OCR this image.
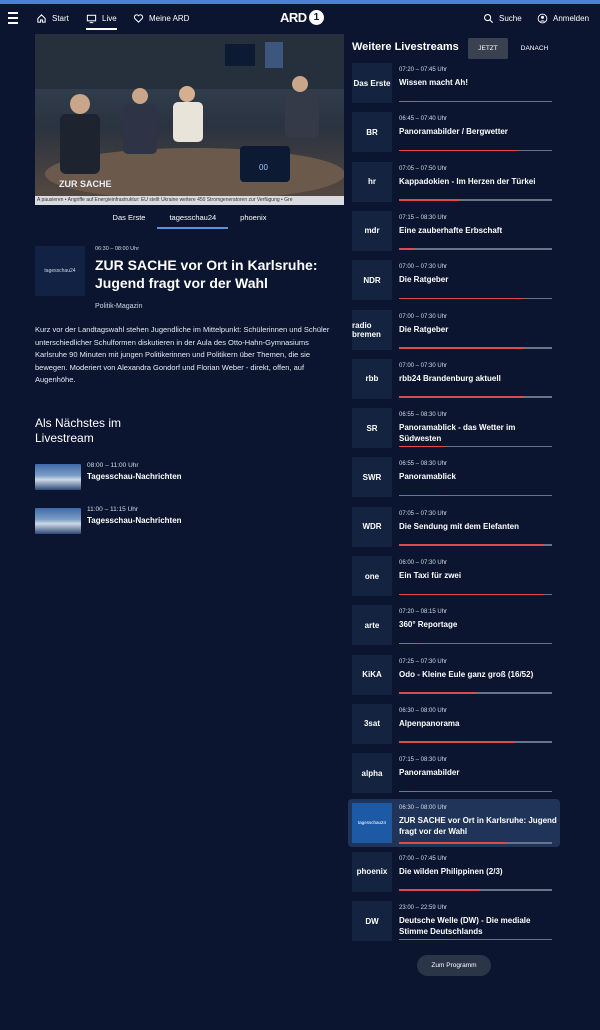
Start	Live	Meine ARD	ARD 1	Suche	Anmelden
00
ZUR SACHE
A pausieren • Angriffe auf Energieinfrastruktur: EU stellt Ukraine weitere 450 Stromgeneratoren zur Verfügung • Gre
Das Erste	tagesschau24	phoenix
tagesschau24
06:30 – 08:00 Uhr
ZUR SACHE vor Ort in Karlsruhe: Jugend fragt vor der Wahl
Politik-Magazin
Kurz vor der Landtagswahl stehen Jugendliche im Mittelpunkt: Schülerinnen und Schüler unterschiedlicher Schulformen diskutieren in der Aula des Otto-Hahn-Gymnasiums Karlsruhe 90 Minuten mit jungen Politikerinnen und Politikern über Themen, die sie bewegen. Moderiert von Alexandra Gondorf und Florian Weber - direkt, offen, auf Augenhöhe.
Als Nächstes im Livestream
08:00 – 11:00 Uhr
Tagesschau-Nachrichten
11:00 – 11:15 Uhr
Tagesschau-Nachrichten
Weitere Livestreams	JETZT	DANACH
Das Erste
07:20 – 07:45 Uhr
Wissen macht Ah!
BR
06:45 – 07:40 Uhr
Panoramabilder / Bergwetter
hr
07:05 – 07:50 Uhr
Kappadokien - Im Herzen der Türkei
mdr
07:15 – 08:30 Uhr
Eine zauberhafte Erbschaft
NDR
07:00 – 07:30 Uhr
Die Ratgeber
radio bremen
07:00 – 07:30 Uhr
Die Ratgeber
rbb
07:00 – 07:30 Uhr
rbb24 Brandenburg aktuell
SR
06:55 – 08:30 Uhr
Panoramablick - das Wetter im Südwesten
SWR
06:55 – 08:30 Uhr
Panoramablick
WDR
07:05 – 07:30 Uhr
Die Sendung mit dem Elefanten
one
06:00 – 07:30 Uhr
Ein Taxi für zwei
arte
07:20 – 08:15 Uhr
360° Reportage
KiKA
07:25 – 07:30 Uhr
Odo - Kleine Eule ganz groß (16/52)
3sat
06:30 – 08:00 Uhr
Alpenpanorama
alpha
07:15 – 08:30 Uhr
Panoramabilder
tagesschau24
06:30 – 08:00 Uhr
ZUR SACHE vor Ort in Karlsruhe: Jugend fragt vor der Wahl
phoenix
07:00 – 07:45 Uhr
Die wilden Philippinen (2/3)
DW
23:00 – 22:59 Uhr
Deutsche Welle (DW) - Die mediale Stimme Deutschlands
Zum Programm
